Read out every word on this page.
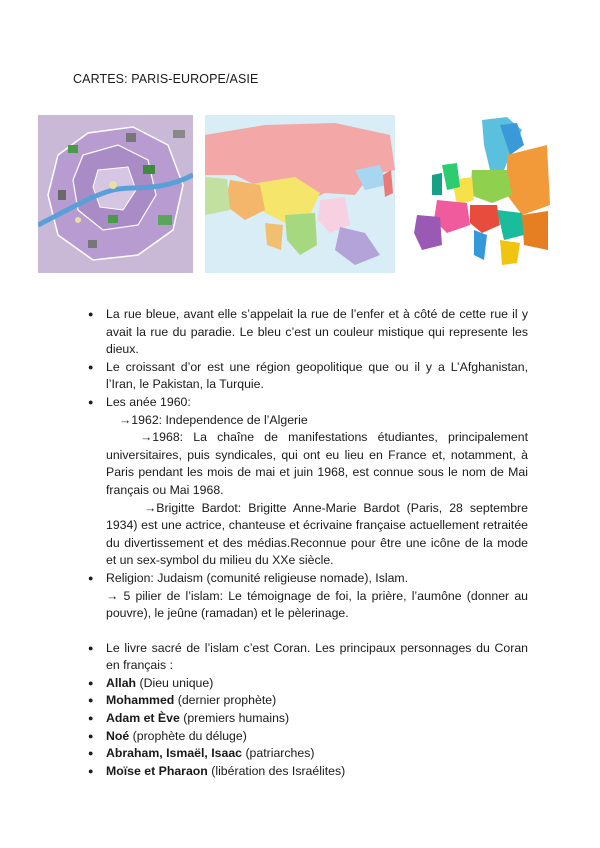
CARTES: PARIS-EUROPE/ASIE
● La rue bleue, avant elle s’appelait la rue de l’enfer et à côté de cette rue il y avait la rue du paradie. Le bleu c’est un couleur mistique qui represente les dieux.
● Le croissant d’or est une région geopolitique que ou il y a L’Afghanistan, l’Iran, le Pakistan, la Turquie.
● Les anée 1960:
→1962: Independence de l’Algerie
→1968: La chaîne de manifestations étudiantes, principalement universitaires, puis syndicales, qui ont eu lieu en France et, notamment, à Paris pendant les mois de mai et juin 1968, est connue sous le nom de Mai français ou Mai 1968.
→Brigitte Bardot: Brigitte Anne-Marie Bardot (Paris, 28 septembre 1934) est une actrice, chanteuse et écrivaine française actuellement retraitée du divertissement et des médias.Reconnue pour être une icône de la mode et un sex-symbol du milieu du XXe siècle.
● Religion: Judaism (comunité religieuse nomade), Islam.
→ 5 pilier de l’islam: Le témoignage de foi, la prière, l’aumône (donner au pouvre), le jeûne (ramadan) et le pèlerinage.
● Le livre sacré de l’islam c’est Coran. Les principaux personnages du Coran en français :
● Allah (Dieu unique)
● Mohammed (dernier prophète)
● Adam et Ève (premiers humains)
● Noé (prophète du déluge)
● Abraham, Ismaël, Isaac (patriarches)
● Moïse et Pharaon (libération des Israélites)
